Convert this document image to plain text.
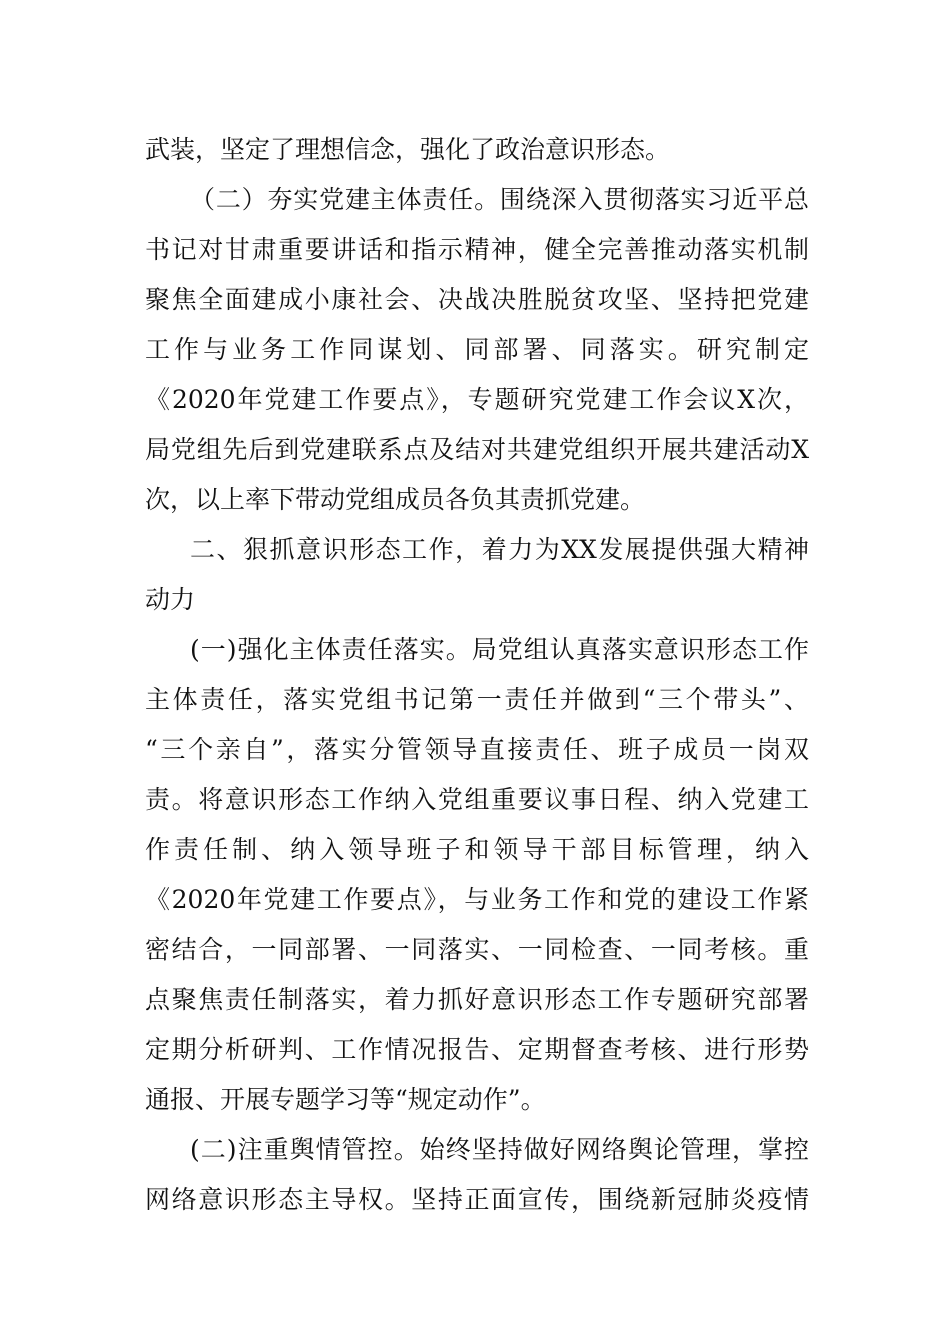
武装，坚定了理想信念，强化了政治意识形态。
（二）夯实党建主体责任。围绕深入贯彻落实习近平总
书记对甘肃重要讲话和指示精神，健全完善推动落实机制
聚焦全面建成小康社会、决战决胜脱贫攻坚、坚持把党建
工作与业务工作同谋划、同部署、同落实。研究制定
《2020年党建工作要点》，专题研究党建工作会议X次，
局党组先后到党建联系点及结对共建党组织开展共建活动X
次，以上率下带动党组成员各负其责抓党建。
二、狠抓意识形态工作，着力为XX发展提供强大精神
动力
(一)强化主体责任落实。局党组认真落实意识形态工作
主体责任，落实党组书记第一责任并做到“三个带头”、
“三个亲自”，落实分管领导直接责任、班子成员一岗双
责。将意识形态工作纳入党组重要议事日程、纳入党建工
作责任制、纳入领导班子和领导干部目标管理，纳入
《2020年党建工作要点》，与业务工作和党的建设工作紧
密结合，一同部署、一同落实、一同检查、一同考核。重
点聚焦责任制落实，着力抓好意识形态工作专题研究部署
定期分析研判、工作情况报告、定期督查考核、进行形势
通报、开展专题学习等“规定动作”。
(二)注重舆情管控。始终坚持做好网络舆论管理，掌控
网络意识形态主导权。坚持正面宣传，围绕新冠肺炎疫情
